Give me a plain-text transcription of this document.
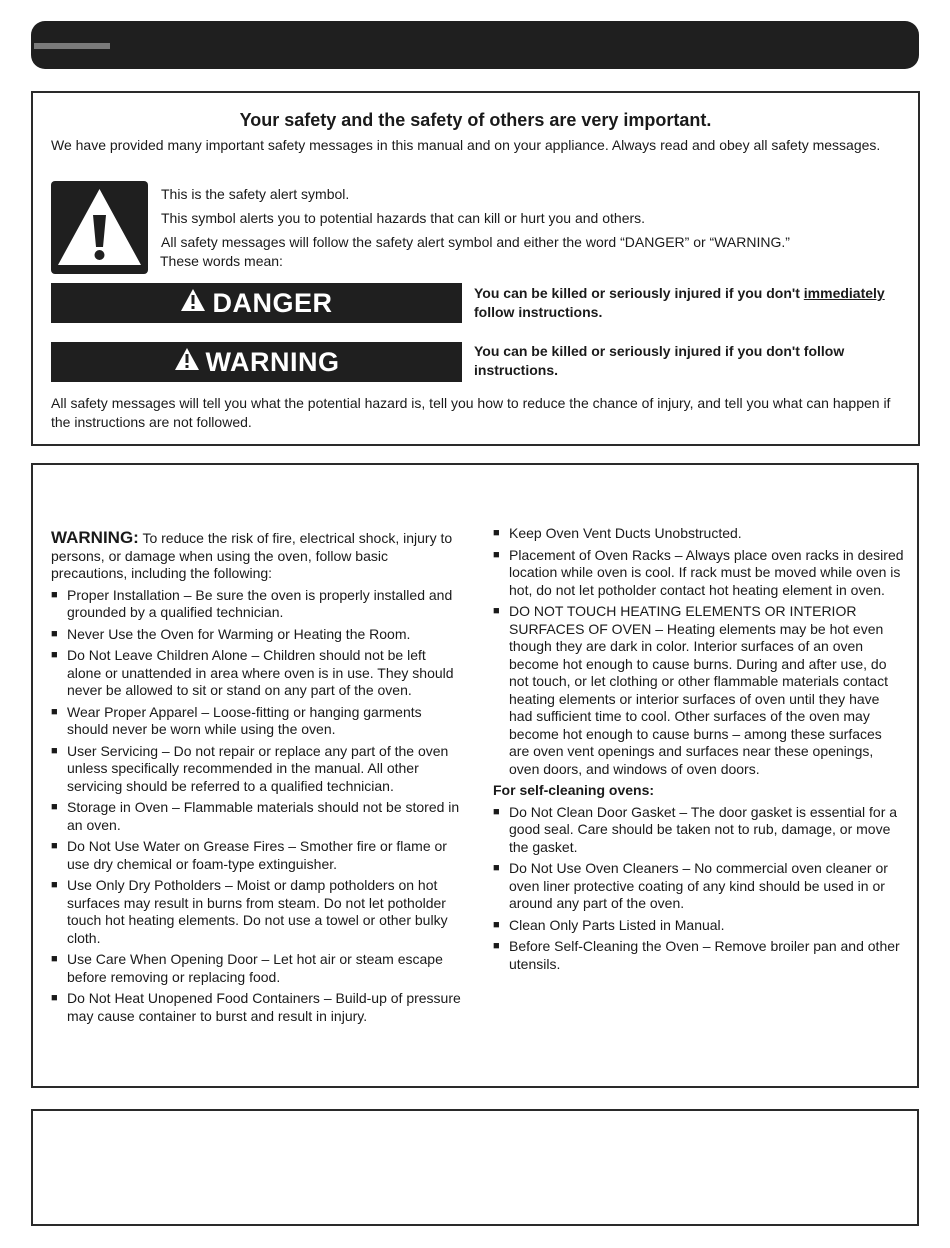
Your safety and the safety of others are very important.
We have provided many important safety messages in this manual and on your appliance. Always read and obey all safety messages.
This is the safety alert symbol.
This symbol alerts you to potential hazards that can kill or hurt you and others.
All safety messages will follow the safety alert symbol and either the word “DANGER” or “WARNING.”
These words mean:
DANGER	You can be killed or seriously injured if you don't immediately follow instructions.
WARNING	You can be killed or seriously injured if you don't follow instructions.
All safety messages will tell you what the potential hazard is, tell you how to reduce the chance of injury, and tell you what can happen if the instructions are not followed.
WARNING: To reduce the risk of fire, electrical shock, injury to persons, or damage when using the oven, follow basic precautions, including the following:
■ Proper Installation – Be sure the oven is properly installed and grounded by a qualified technician.
■ Never Use the Oven for Warming or Heating the Room.
■ Do Not Leave Children Alone – Children should not be left alone or unattended in area where oven is in use. They should never be allowed to sit or stand on any part of the oven.
■ Wear Proper Apparel – Loose-fitting or hanging garments should never be worn while using the oven.
■ User Servicing – Do not repair or replace any part of the oven unless specifically recommended in the manual. All other servicing should be referred to a qualified technician.
■ Storage in Oven – Flammable materials should not be stored in an oven.
■ Do Not Use Water on Grease Fires – Smother fire or flame or use dry chemical or foam-type extinguisher.
■ Use Only Dry Potholders – Moist or damp potholders on hot surfaces may result in burns from steam. Do not let potholder touch hot heating elements. Do not use a towel or other bulky cloth.
■ Use Care When Opening Door – Let hot air or steam escape before removing or replacing food.
■ Do Not Heat Unopened Food Containers – Build-up of pressure may cause container to burst and result in injury.
■ Keep Oven Vent Ducts Unobstructed.
■ Placement of Oven Racks – Always place oven racks in desired location while oven is cool. If rack must be moved while oven is hot, do not let potholder contact hot heating element in oven.
■ DO NOT TOUCH HEATING ELEMENTS OR INTERIOR SURFACES OF OVEN – Heating elements may be hot even though they are dark in color. Interior surfaces of an oven become hot enough to cause burns. During and after use, do not touch, or let clothing or other flammable materials contact heating elements or interior surfaces of oven until they have had sufficient time to cool. Other surfaces of the oven may become hot enough to cause burns – among these surfaces are oven vent openings and surfaces near these openings, oven doors, and windows of oven doors.
For self-cleaning ovens:
■ Do Not Clean Door Gasket – The door gasket is essential for a good seal. Care should be taken not to rub, damage, or move the gasket.
■ Do Not Use Oven Cleaners – No commercial oven cleaner or oven liner protective coating of any kind should be used in or around any part of the oven.
■ Clean Only Parts Listed in Manual.
■ Before Self-Cleaning the Oven – Remove broiler pan and other utensils.
